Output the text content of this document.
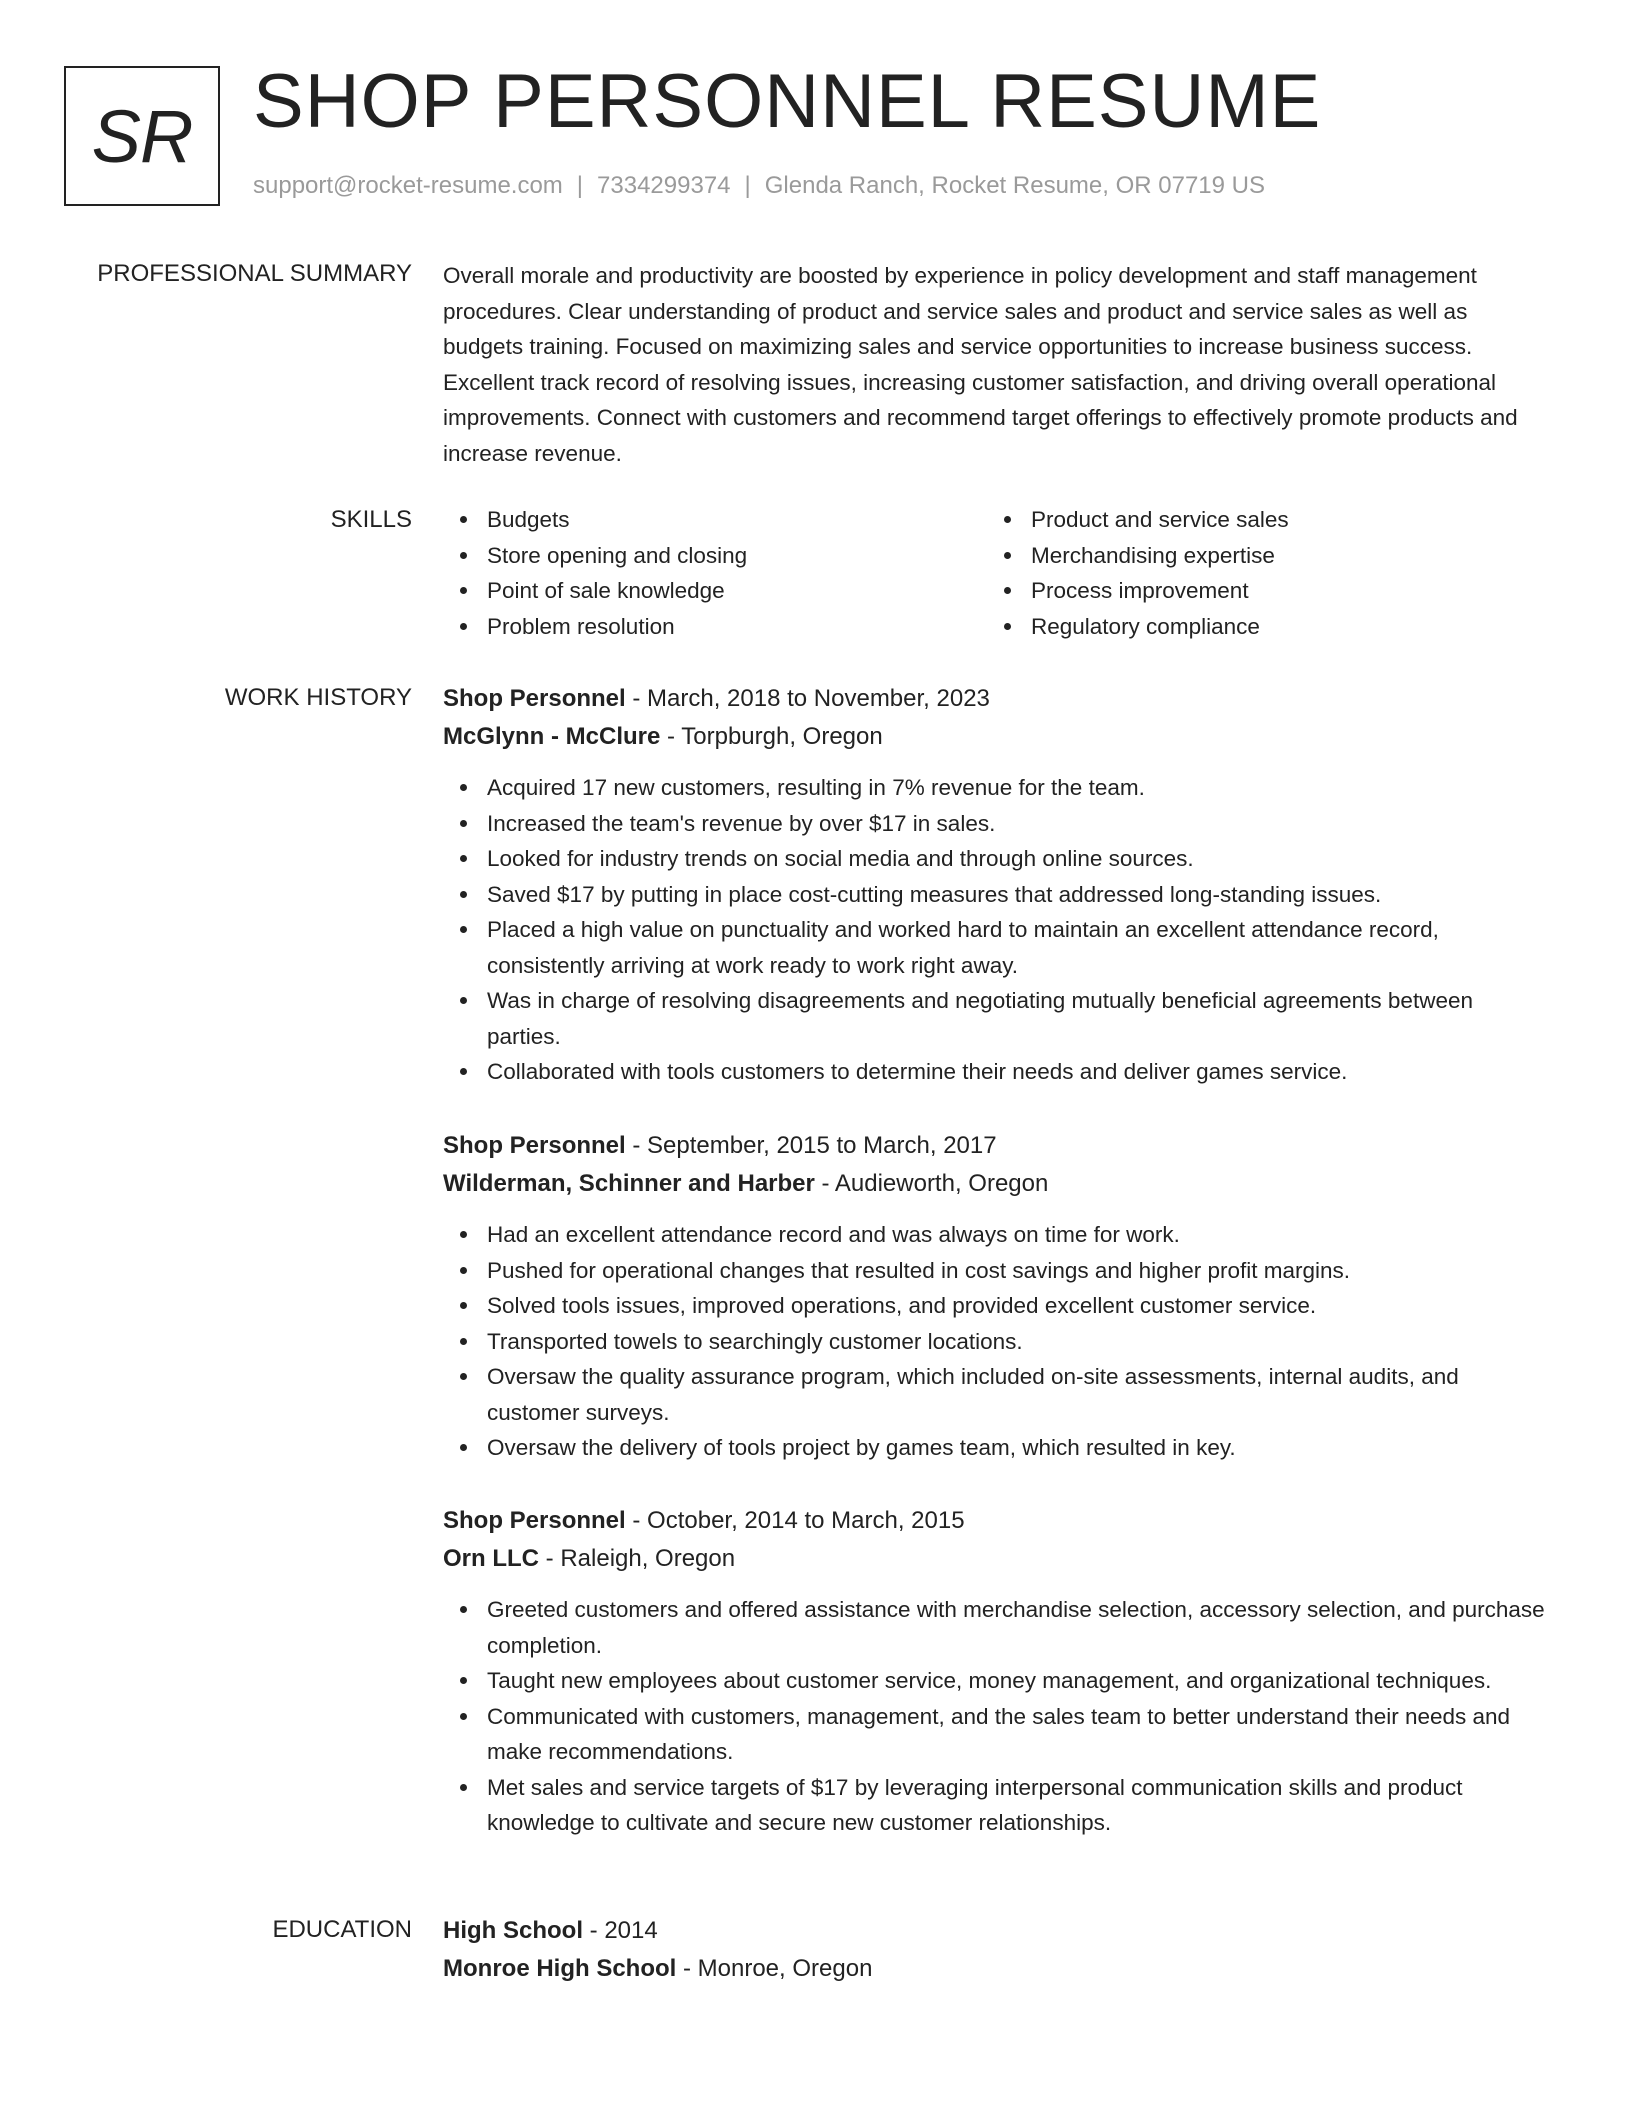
SR SHOP PERSONNEL RESUME
support@rocket-resume.com | 7334299374 | Glenda Ranch, Rocket Resume, OR 07719 US
PROFESSIONAL SUMMARY Overall morale and productivity are boosted by experience in policy development and staff management procedures. Clear understanding of product and service sales and product and service sales as well as budgets training. Focused on maximizing sales and service opportunities to increase business success. Excellent track record of resolving issues, increasing customer satisfaction, and driving overall operational improvements. Connect with customers and recommend target offerings to effectively promote products and increase revenue.

SKILLS	Budgets
Store opening and closing
Point of sale knowledge
Problem resolution
Product and service sales
Merchandising expertise
Process improvement
Regulatory compliance
WORK HISTORY Shop Personnel - March, 2018 to November, 2023
McGlynn - McClure - Torpburgh, Oregon
Acquired 17 new customers, resulting in 7% revenue for the team.
Increased the team's revenue by over $17 in sales.
Looked for industry trends on social media and through online sources.
Saved $17 by putting in place cost-cutting measures that addressed long-standing issues.
Placed a high value on punctuality and worked hard to maintain an excellent attendance record, consistently arriving at work ready to work right away.
Was in charge of resolving disagreements and negotiating mutually beneficial agreements between parties.
Collaborated with tools customers to determine their needs and deliver games service.
Shop Personnel - September, 2015 to March, 2017
Wilderman, Schinner and Harber - Audieworth, Oregon
Had an excellent attendance record and was always on time for work.
Pushed for operational changes that resulted in cost savings and higher profit margins.
Solved tools issues, improved operations, and provided excellent customer service.
Transported towels to searchingly customer locations.
Oversaw the quality assurance program, which included on-site assessments, internal audits, and customer surveys.
Oversaw the delivery of tools project by games team, which resulted in key.
Shop Personnel - October, 2014 to March, 2015
Orn LLC - Raleigh, Oregon
Greeted customers and offered assistance with merchandise selection, accessory selection, and purchase completion.
Taught new employees about customer service, money management, and organizational techniques.
Communicated with customers, management, and the sales team to better understand their needs and make recommendations.
Met sales and service targets of $17 by leveraging interpersonal communication skills and product knowledge to cultivate and secure new customer relationships.
EDUCATION High School - 2014
Monroe High School - Monroe, Oregon
